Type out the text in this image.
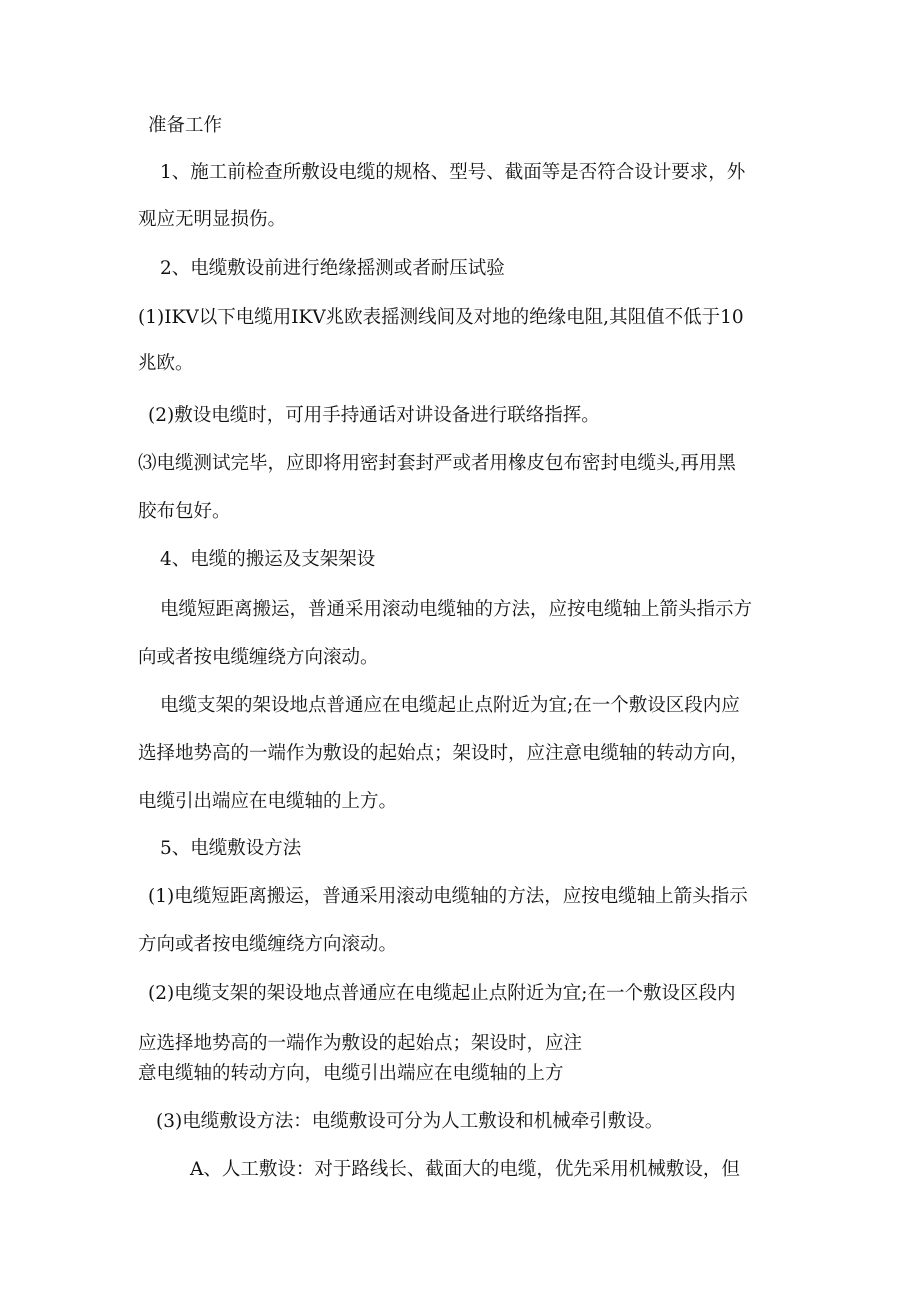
准备工作
1、施工前检查所敷设电缆的规格、型号、截面等是否符合设计要求，外
观应无明显损伤。
2、电缆敷设前进行绝缘摇测或者耐压试验
(1)IKV以下电缆用IKV兆欧表摇测线间及对地的绝缘电阻,其阻值不低于10
兆欧。
(2)敷设电缆时，可用手持通话对讲设备进行联络指挥。
⑶电缆测试完毕，应即将用密封套封严或者用橡皮包布密封电缆头,再用黑
胶布包好。
4、电缆的搬运及支架架设
电缆短距离搬运，普通采用滚动电缆轴的方法，应按电缆轴上箭头指示方
向或者按电缆缠绕方向滚动。
电缆支架的架设地点普通应在电缆起止点附近为宜;在一个敷设区段内应
选择地势高的一端作为敷设的起始点；架设时，应注意电缆轴的转动方向，
电缆引出端应在电缆轴的上方。
5、电缆敷设方法
(1)电缆短距离搬运，普通采用滚动电缆轴的方法，应按电缆轴上箭头指示
方向或者按电缆缠绕方向滚动。
(2)电缆支架的架设地点普通应在电缆起止点附近为宜;在一个敷设区段内
应选择地势高的一端作为敷设的起始点；架设时，应注
意电缆轴的转动方向，电缆引出端应在电缆轴的上方
(3)电缆敷设方法：电缆敷设可分为人工敷设和机械牵引敷设。
A、人工敷设：对于路线长、截面大的电缆，优先采用机械敷设，但
